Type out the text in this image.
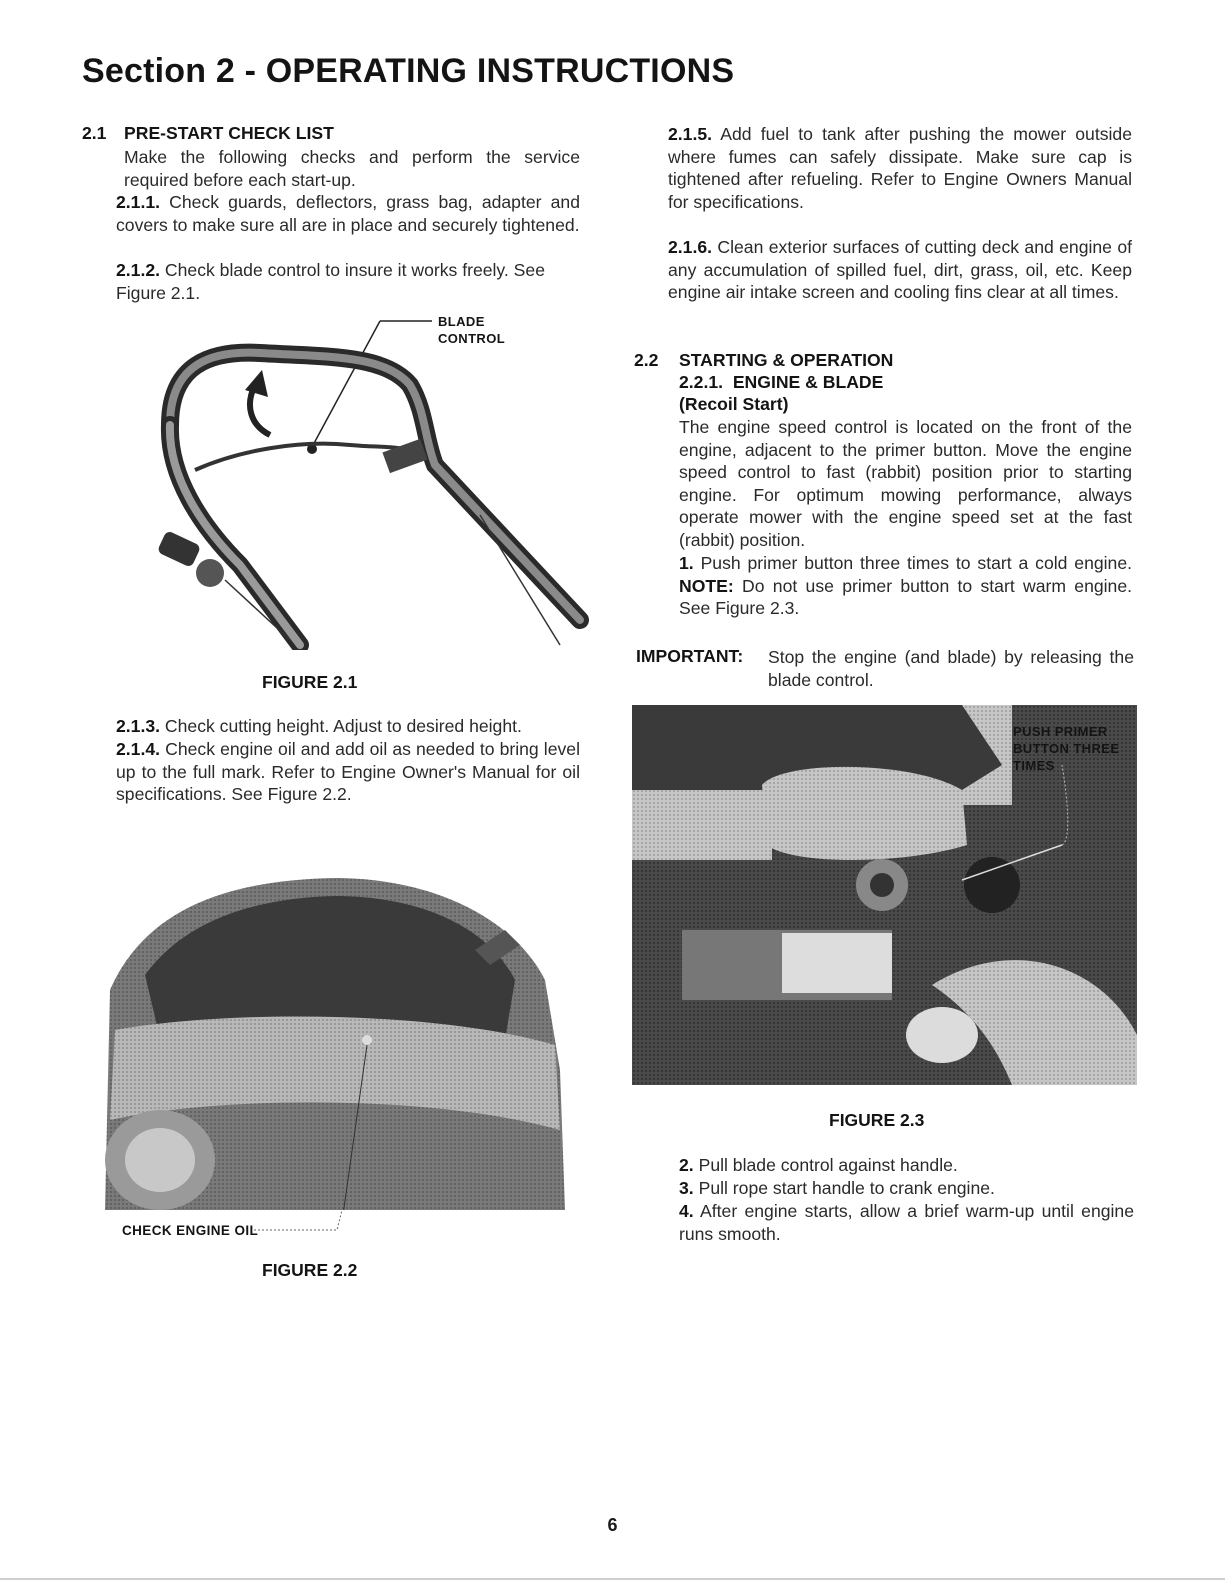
Section 2 - OPERATING INSTRUCTIONS
2.1 PRE-START CHECK LIST

Make the following checks and perform the service required before each start-up.

2.1.1. Check guards, deflectors, grass bag, adapter and covers to make sure all are in place and securely tightened.

2.1.2. Check blade control to insure it works freely. See Figure 2.1.

BLADE
CONTROL
FIGURE 2.1

2.1.3. Check cutting height. Adjust to desired height.

2.1.4. Check engine oil and add oil as needed to bring level up to the full mark. Refer to Engine Owner's Manual for oil specifications. See Figure 2.2.

CHECK ENGINE OIL
FIGURE 2.2

2.1.5. Add fuel to tank after pushing the mower outside where fumes can safely dissipate. Make sure cap is tightened after refueling. Refer to Engine Owners Manual for specifications.

2.1.6. Clean exterior surfaces of cutting deck and engine of any accumulation of spilled fuel, dirt, grass, oil, etc. Keep engine air intake screen and cooling fins clear at all times.

2.2 STARTING & OPERATION
2.2.1. ENGINE & BLADE
(Recoil Start)

The engine speed control is located on the front of the engine, adjacent to the primer button. Move the engine speed control to fast (rabbit) position prior to starting engine. For optimum mowing performance, always operate mower with the engine speed set at the fast (rabbit) position.

1. Push primer button three times to start a cold engine. NOTE: Do not use primer button to start warm engine. See Figure 2.3.

IMPORTANT: Stop the engine (and blade) by releasing the blade control.

PUSH PRIMER
BUTTON THREE
TIMES
FIGURE 2.3

2. Pull blade control against handle.

3. Pull rope start handle to crank engine.

4. After engine starts, allow a brief warm-up until engine runs smooth.

6
